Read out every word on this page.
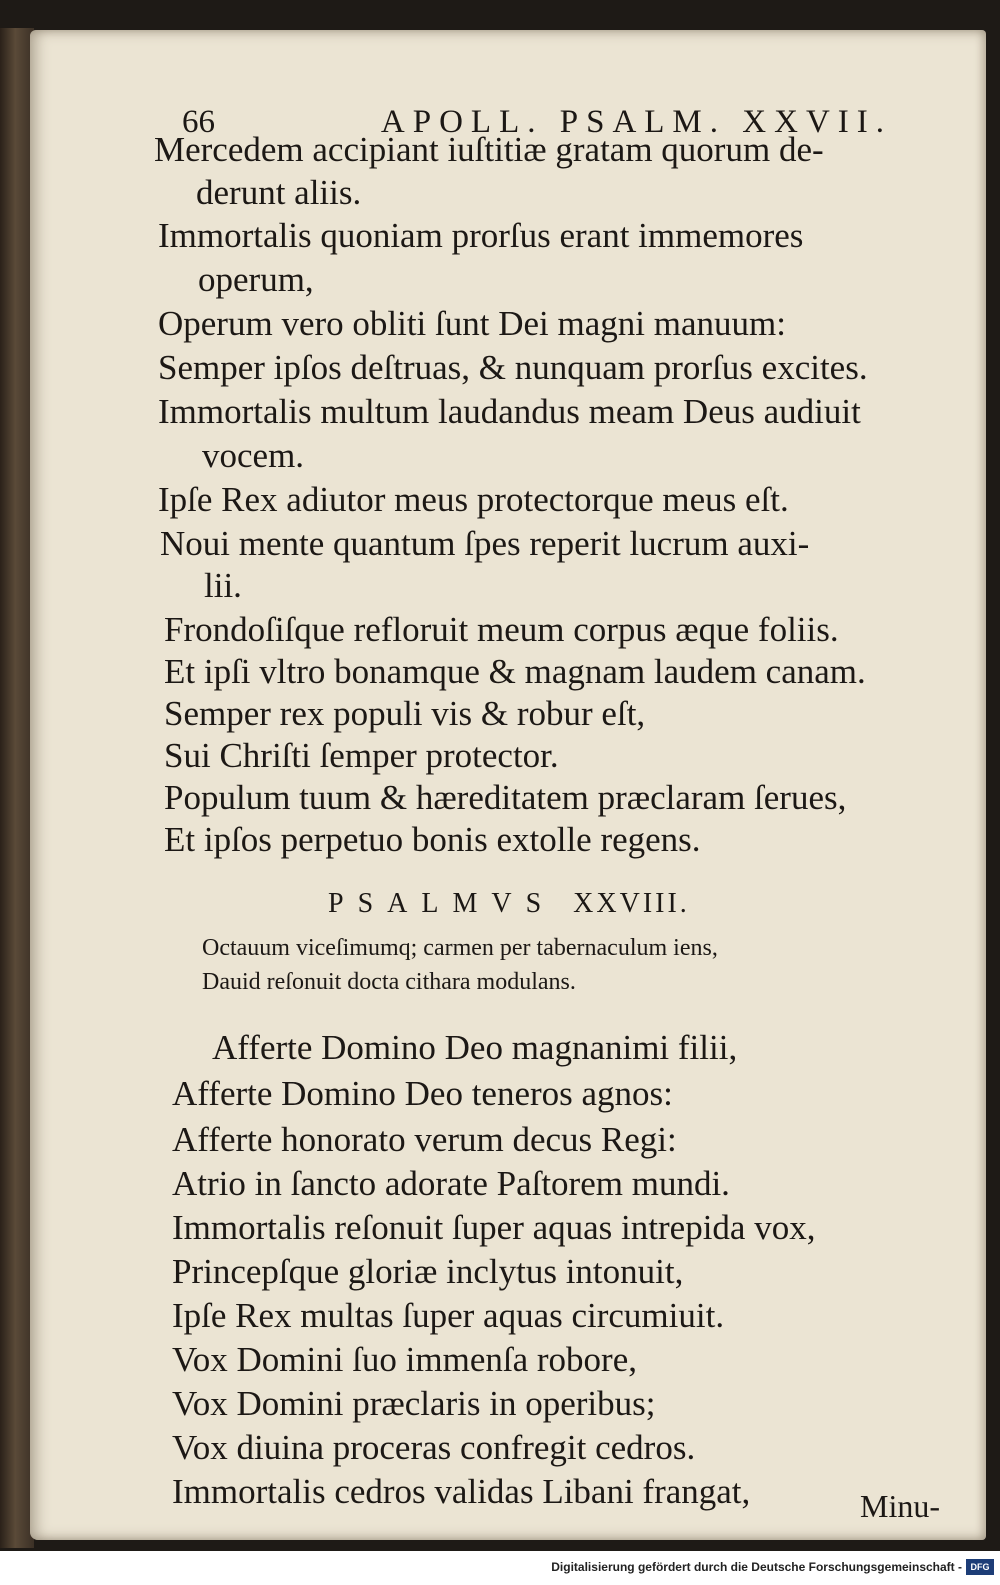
66	APOLL. PSALM. XXVII.
Mercedem accipiant iuſtitiæ gratam quorum de-
derunt aliis.
Immortalis quoniam prorſus erant immemores
operum,
Operum vero obliti ſunt Dei magni manuum:
Semper ipſos deſtruas, & nunquam prorſus excites.
Immortalis multum laudandus meam Deus audiuit
vocem.
Ipſe Rex adiutor meus protectorque meus eſt.
Noui mente quantum ſpes reperit lucrum auxi-
lii.
Frondoſiſque refloruit meum corpus æque foliis.
Et ipſi vltro bonamque & magnam laudem canam.
Semper rex populi vis & robur eſt,
Sui Chriſti ſemper protector.
Populum tuum & hæreditatem præclaram ſerues,
Et ipſos perpetuo bonis extolle regens.
PSALMVS XXVIII.
Octauum viceſimumq; carmen per tabernaculum iens,
Dauid reſonuit docta cithara modulans.
Afferte Domino Deo magnanimi filii,
Afferte Domino Deo teneros agnos:
Afferte honorato verum decus Regi:
Atrio in ſancto adorate Paſtorem mundi.
Immortalis reſonuit ſuper aquas intrepida vox,
Princepſque gloriæ inclytus intonuit,
Ipſe Rex multas ſuper aquas circumiuit.
Vox Domini ſuo immenſa robore,
Vox Domini præclaris in operibus;
Vox diuina proceras confregit cedros.
Immortalis cedros validas Libani frangat,	Minu-
Digitalisierung gefördert durch die Deutsche Forschungsgemeinschaft - DFG
